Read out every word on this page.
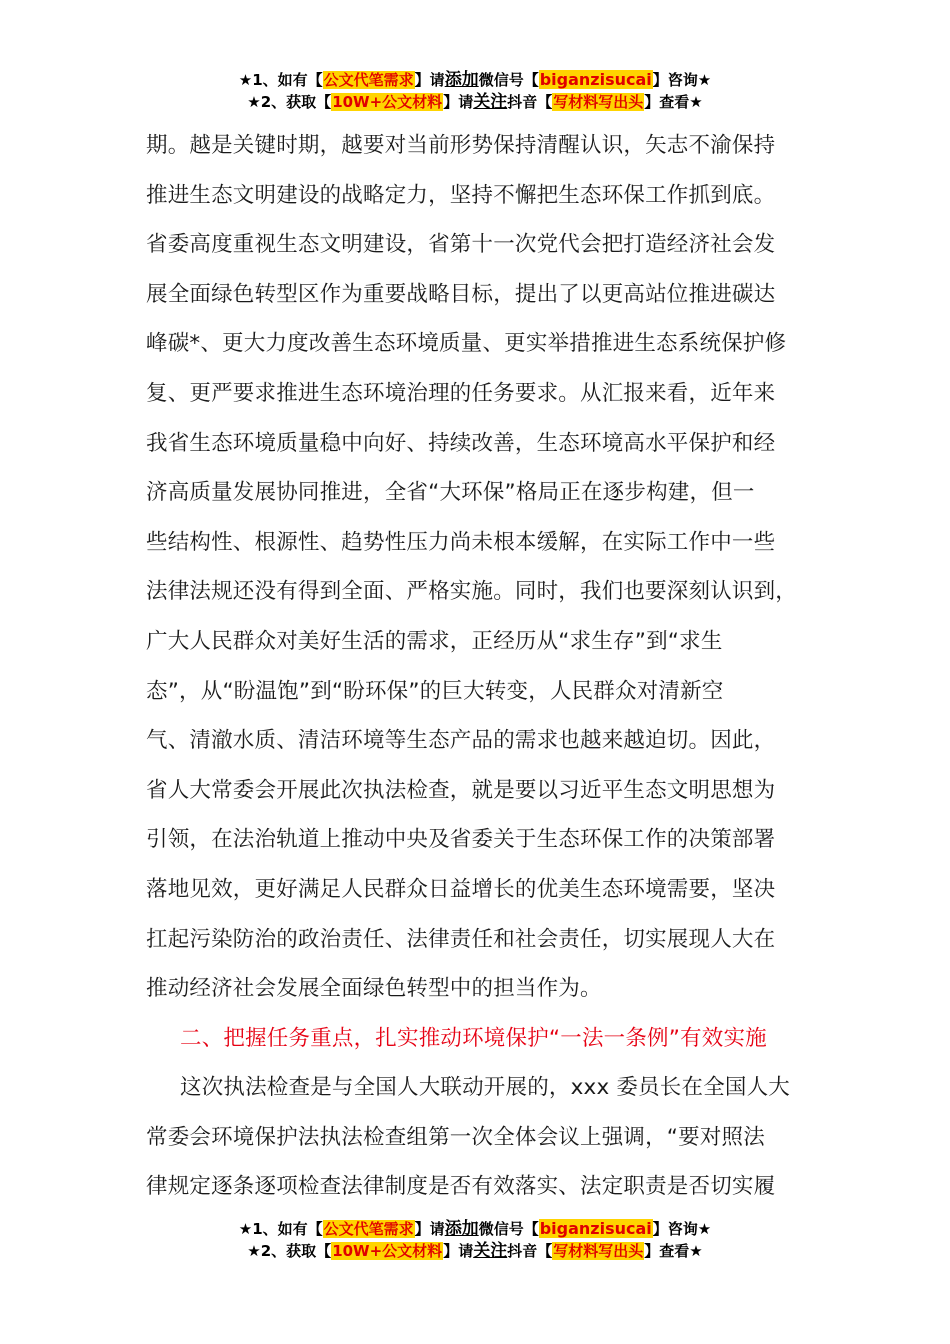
★1、如有【公文代笔需求】请添加微信号【biganzisucai】咨询★
★2、获取【10W+公文材料】请关注抖音【写材料写出头】查看★

期。越是关键时期，越要对当前形势保持清醒认识，矢志不渝保持
推进生态文明建设的战略定力，坚持不懈把生态环保工作抓到底。
省委高度重视生态文明建设，省第十一次党代会把打造经济社会发
展全面绿色转型区作为重要战略目标，提出了以更高站位推进碳达
峰碳*、更大力度改善生态环境质量、更实举措推进生态系统保护修
复、更严要求推进生态环境治理的任务要求。从汇报来看，近年来
我省生态环境质量稳中向好、持续改善，生态环境高水平保护和经
济高质量发展协同推进，全省“大环保”格局正在逐步构建，但一
些结构性、根源性、趋势性压力尚未根本缓解，在实际工作中一些
法律法规还没有得到全面、严格实施。同时，我们也要深刻认识到，
广大人民群众对美好生活的需求，正经历从“求生存”到“求生
态”，从“盼温饱”到“盼环保”的巨大转变，人民群众对清新空
气、清澈水质、清洁环境等生态产品的需求也越来越迫切。因此，
省人大常委会开展此次执法检查，就是要以习近平生态文明思想为
引领，在法治轨道上推动中央及省委关于生态环保工作的决策部署
落地见效，更好满足人民群众日益增长的优美生态环境需要，坚决
扛起污染防治的政治责任、法律责任和社会责任，切实展现人大在
推动经济社会发展全面绿色转型中的担当作为。

二、把握任务重点，扎实推动环境保护“一法一条例”有效实施

这次执法检查是与全国人大联动开展的，xxx 委员长在全国人大
常委会环境保护法执法检查组第一次全体会议上强调，“要对照法
律规定逐条逐项检查法律制度是否有效落实、法定职责是否切实履

★1、如有【公文代笔需求】请添加微信号【biganzisucai】咨询★
★2、获取【10W+公文材料】请关注抖音【写材料写出头】查看★
